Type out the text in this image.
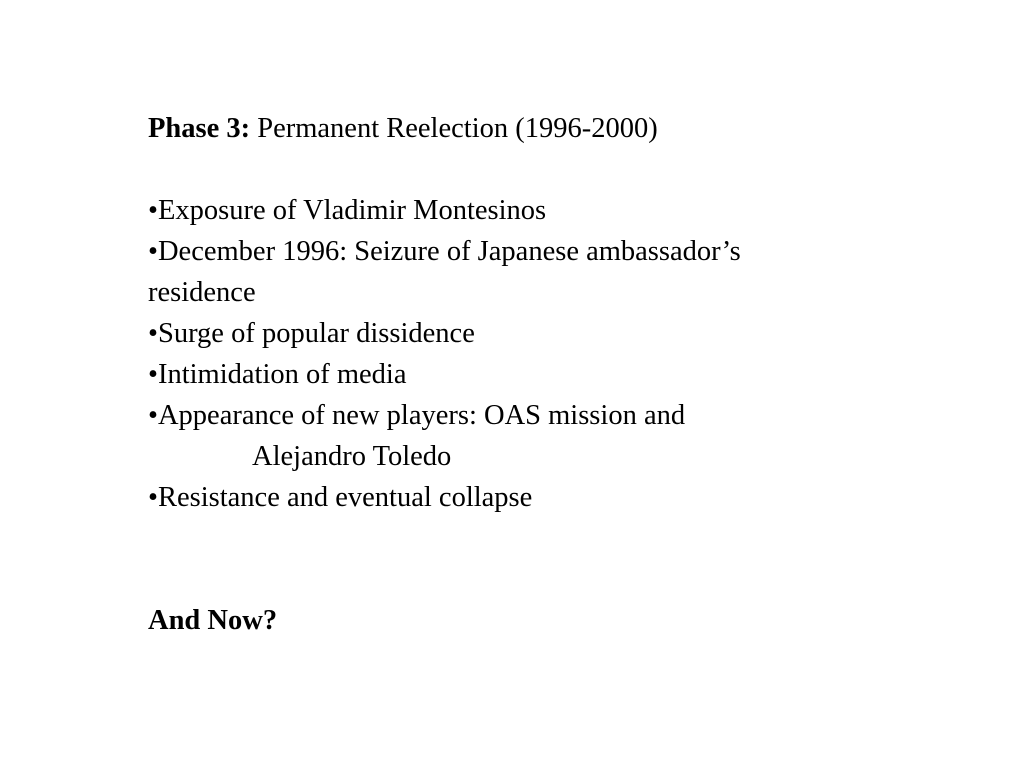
Phase 3: Permanent Reelection (1996-2000)
•Exposure of Vladimir Montesinos
•December 1996: Seizure of Japanese ambassador’s
residence
•Surge of popular dissidence
•Intimidation of media
•Appearance of new players: OAS mission and
Alejandro Toledo
•Resistance and eventual collapse
And Now?
